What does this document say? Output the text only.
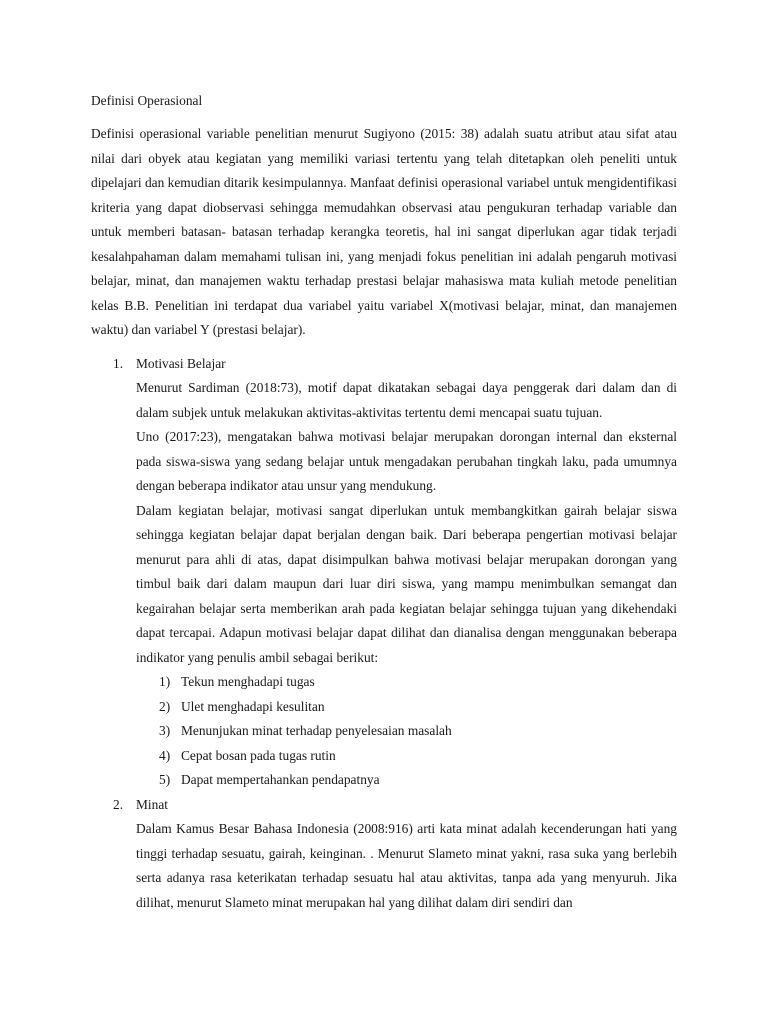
Definisi Operasional

Definisi operasional variable penelitian menurut Sugiyono (2015: 38) adalah suatu atribut atau sifat atau nilai dari obyek atau kegiatan yang memiliki variasi tertentu yang telah ditetapkan oleh peneliti untuk dipelajari dan kemudian ditarik kesimpulannya. Manfaat definisi operasional variabel untuk mengidentifikasi kriteria yang dapat diobservasi sehingga memudahkan observasi atau pengukuran terhadap variable dan untuk memberi batasan- batasan terhadap kerangka teoretis, hal ini sangat diperlukan agar tidak terjadi kesalahpahaman dalam memahami tulisan ini, yang menjadi fokus penelitian ini adalah pengaruh motivasi belajar, minat, dan manajemen waktu terhadap prestasi belajar mahasiswa mata kuliah metode penelitian kelas B.B. Penelitian ini terdapat dua variabel yaitu variabel X(motivasi belajar, minat, dan manajemen waktu) dan variabel Y (prestasi belajar).

1. Motivasi Belajar

Menurut Sardiman (2018:73), motif dapat dikatakan sebagai daya penggerak dari dalam dan di dalam subjek untuk melakukan aktivitas-aktivitas tertentu demi mencapai suatu tujuan.

Uno (2017:23), mengatakan bahwa motivasi belajar merupakan dorongan internal dan eksternal pada siswa-siswa yang sedang belajar untuk mengadakan perubahan tingkah laku, pada umumnya dengan beberapa indikator atau unsur yang mendukung.

Dalam kegiatan belajar, motivasi sangat diperlukan untuk membangkitkan gairah belajar siswa sehingga kegiatan belajar dapat berjalan dengan baik. Dari beberapa pengertian motivasi belajar menurut para ahli di atas, dapat disimpulkan bahwa motivasi belajar merupakan dorongan yang timbul baik dari dalam maupun dari luar diri siswa, yang mampu menimbulkan semangat dan kegairahan belajar serta memberikan arah pada kegiatan belajar sehingga tujuan yang dikehendaki dapat tercapai. Adapun motivasi belajar dapat dilihat dan dianalisa dengan menggunakan beberapa indikator yang penulis ambil sebagai berikut:

1) Tekun menghadapi tugas
2) Ulet menghadapi kesulitan
3) Menunjukan minat terhadap penyelesaian masalah
4) Cepat bosan pada tugas rutin
5) Dapat mempertahankan pendapatnya
2. Minat

Dalam Kamus Besar Bahasa Indonesia (2008:916) arti kata minat adalah kecenderungan hati yang tinggi terhadap sesuatu, gairah, keinginan. . Menurut Slameto minat yakni, rasa suka yang berlebih serta adanya rasa keterikatan terhadap sesuatu hal atau aktivitas, tanpa ada yang menyuruh. Jika dilihat, menurut Slameto minat merupakan hal yang dilihat dalam diri sendiri dan
